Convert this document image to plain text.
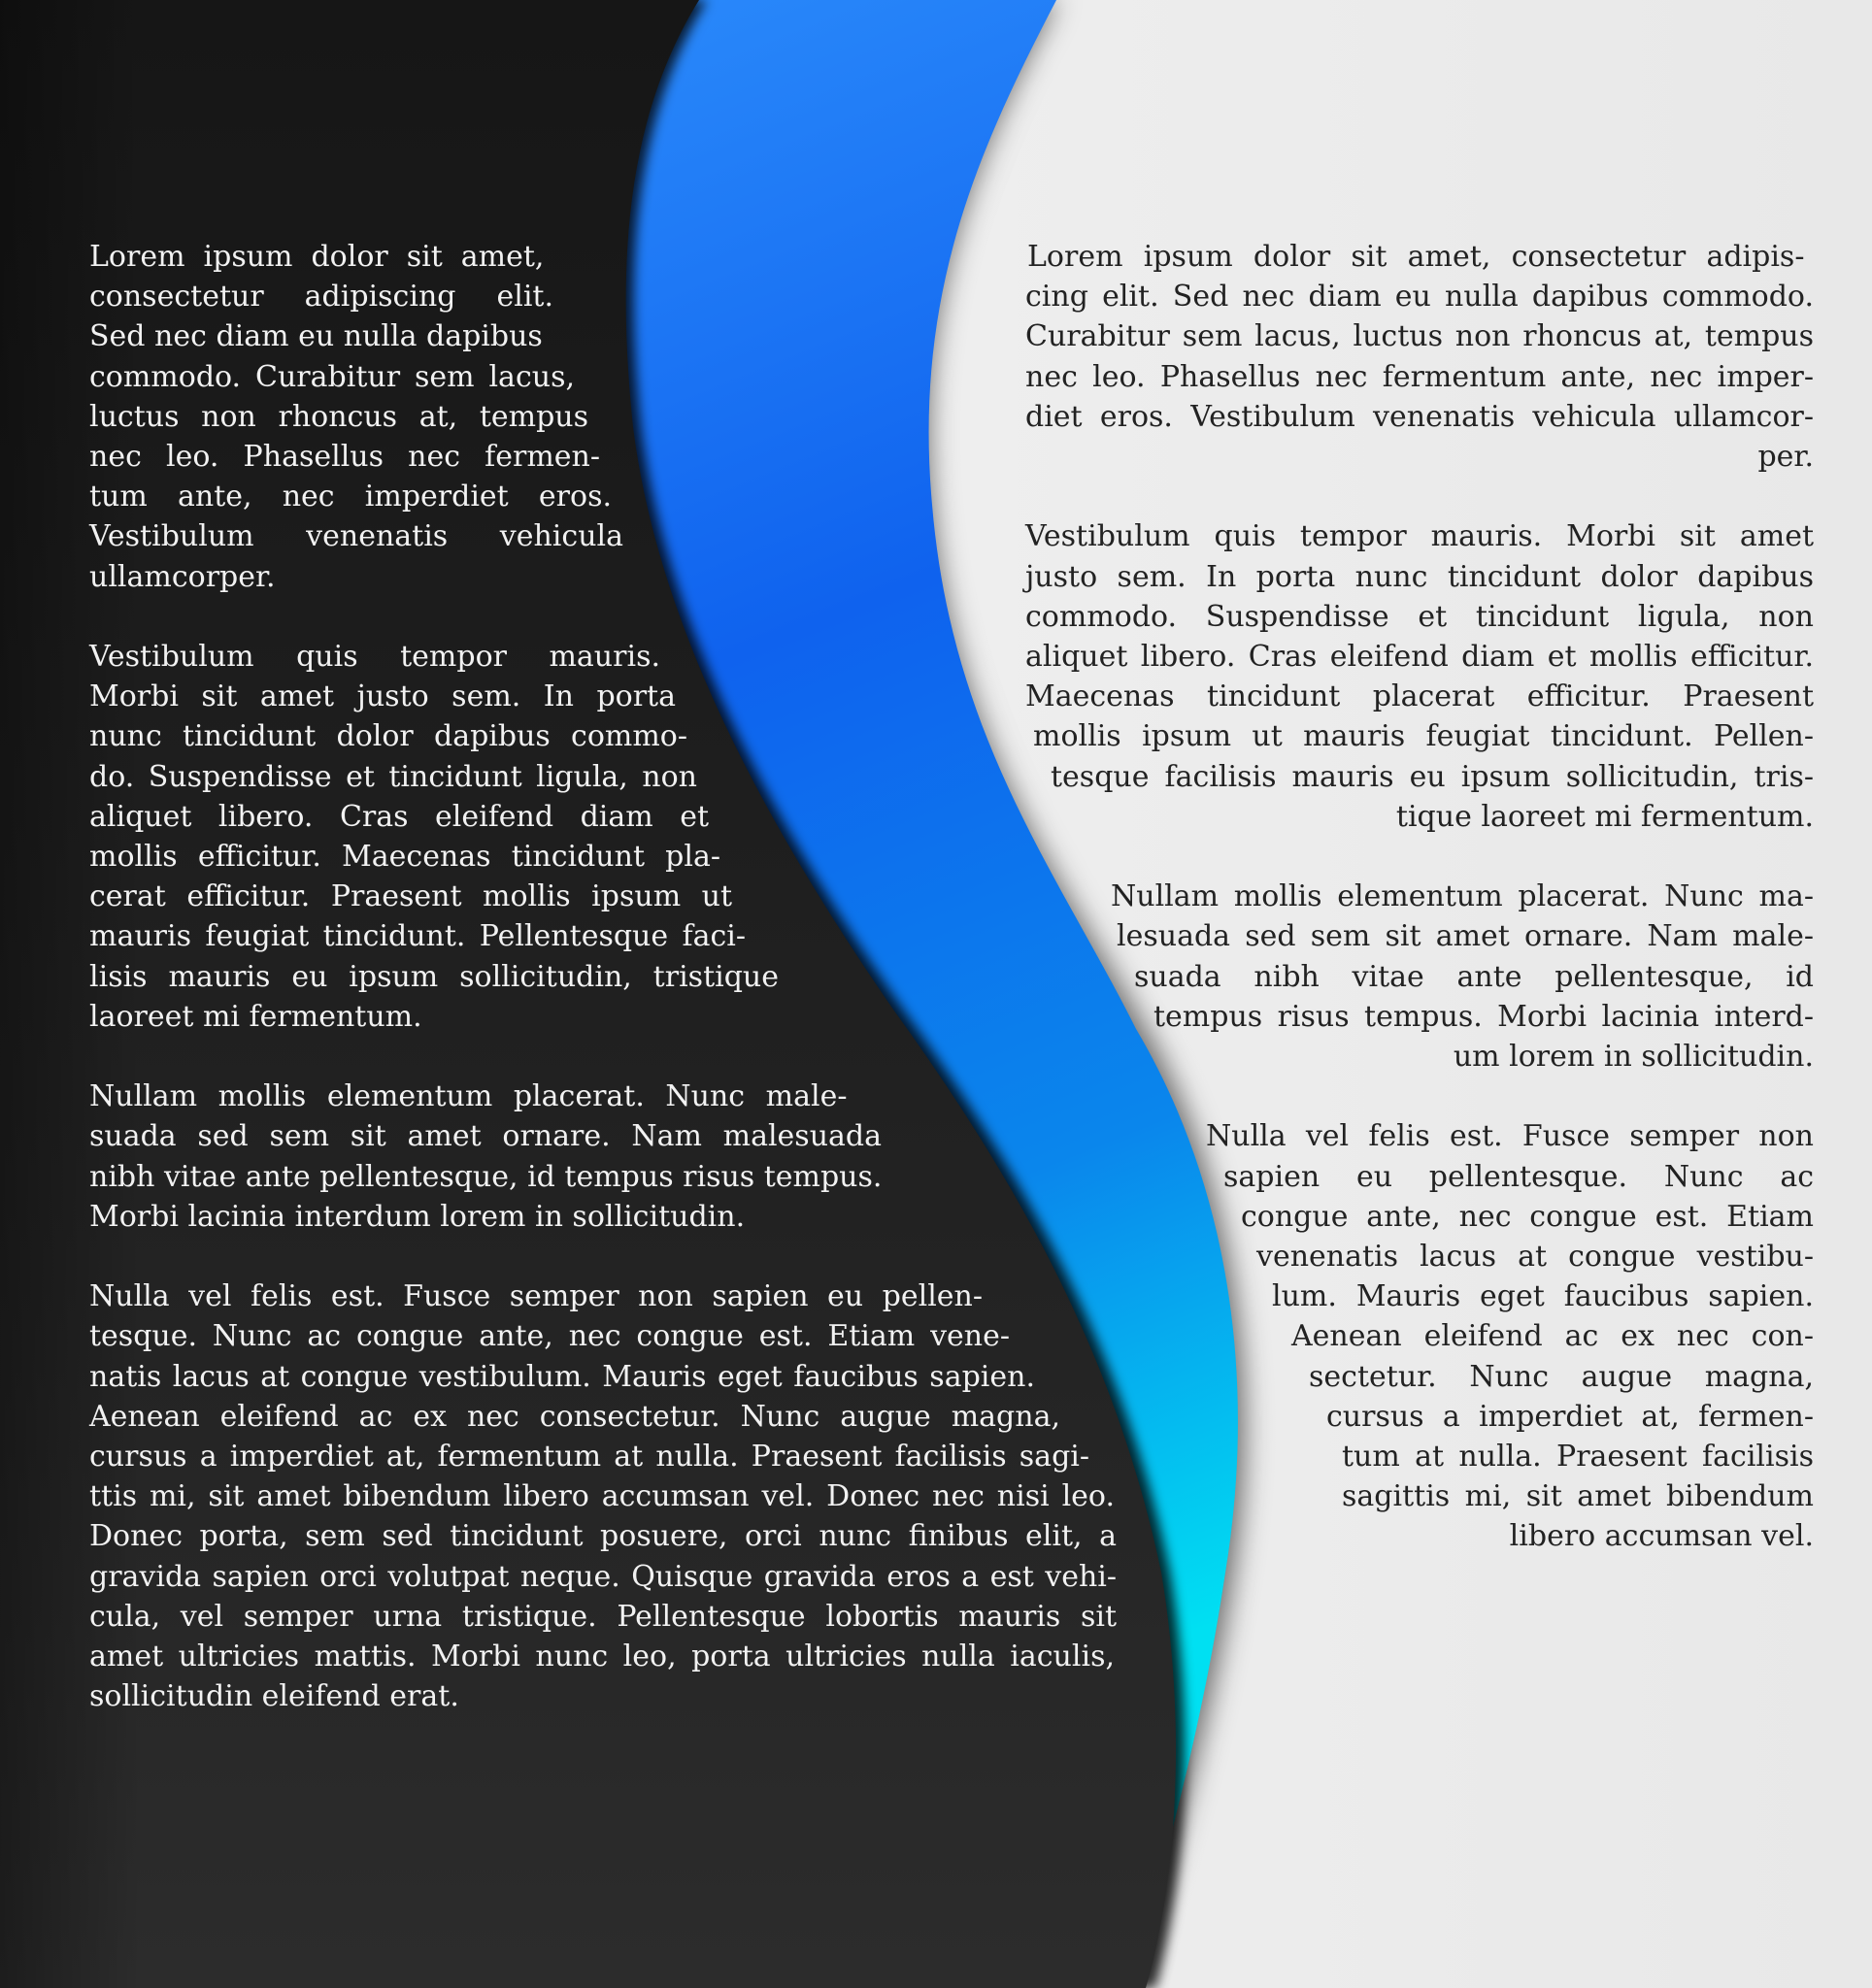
Lorem ipsum dolor sit amet,
consectetur adipiscing elit.
Sed nec diam eu nulla dapibus
commodo. Curabitur sem lacus,
luctus non rhoncus at, tempus
nec leo. Phasellus nec fermen-
tum ante, nec imperdiet eros.
Vestibulum venenatis vehicula
ullamcorper.
Vestibulum quis tempor mauris.
Morbi sit amet justo sem. In porta
nunc tincidunt dolor dapibus commo-
do. Suspendisse et tincidunt ligula, non
aliquet libero. Cras eleifend diam et
mollis efficitur. Maecenas tincidunt pla-
cerat efficitur. Praesent mollis ipsum ut
mauris feugiat tincidunt. Pellentesque faci-
lisis mauris eu ipsum sollicitudin, tristique
laoreet mi fermentum.
Nullam mollis elementum placerat. Nunc male-
suada sed sem sit amet ornare. Nam malesuada
nibh vitae ante pellentesque, id tempus risus tempus.
Morbi lacinia interdum lorem in sollicitudin.
Nulla vel felis est. Fusce semper non sapien eu pellen-
tesque. Nunc ac congue ante, nec congue est. Etiam vene-
natis lacus at congue vestibulum. Mauris eget faucibus sapien.
Aenean eleifend ac ex nec consectetur. Nunc augue magna,
cursus a imperdiet at, fermentum at nulla. Praesent facilisis sagi-
ttis mi, sit amet bibendum libero accumsan vel. Donec nec nisi leo.
Donec porta, sem sed tincidunt posuere, orci nunc finibus elit, a
gravida sapien orci volutpat neque. Quisque gravida eros a est vehi-
cula, vel semper urna tristique. Pellentesque lobortis mauris sit
amet ultricies mattis. Morbi nunc leo, porta ultricies nulla iaculis,
sollicitudin eleifend erat.
Lorem ipsum dolor sit amet, consectetur adipis-
cing elit. Sed nec diam eu nulla dapibus commodo.
Curabitur sem lacus, luctus non rhoncus at, tempus
nec leo. Phasellus nec fermentum ante, nec imper-
diet eros. Vestibulum venenatis vehicula ullamcor-
per.
Vestibulum quis tempor mauris. Morbi sit amet
justo sem. In porta nunc tincidunt dolor dapibus
commodo. Suspendisse et tincidunt ligula, non
aliquet libero. Cras eleifend diam et mollis efficitur.
Maecenas tincidunt placerat efficitur. Praesent
mollis ipsum ut mauris feugiat tincidunt. Pellen-
tesque facilisis mauris eu ipsum sollicitudin, tris-
tique laoreet mi fermentum.
Nullam mollis elementum placerat. Nunc ma-
lesuada sed sem sit amet ornare. Nam male-
suada nibh vitae ante pellentesque, id
tempus risus tempus. Morbi lacinia interd-
um lorem in sollicitudin.
Nulla vel felis est. Fusce semper non
sapien eu pellentesque. Nunc ac
congue ante, nec congue est. Etiam
venenatis lacus at congue vestibu-
lum. Mauris eget faucibus sapien.
Aenean eleifend ac ex nec con-
sectetur. Nunc augue magna,
cursus a imperdiet at, fermen-
tum at nulla. Praesent facilisis
sagittis mi, sit amet bibendum
libero accumsan vel.
